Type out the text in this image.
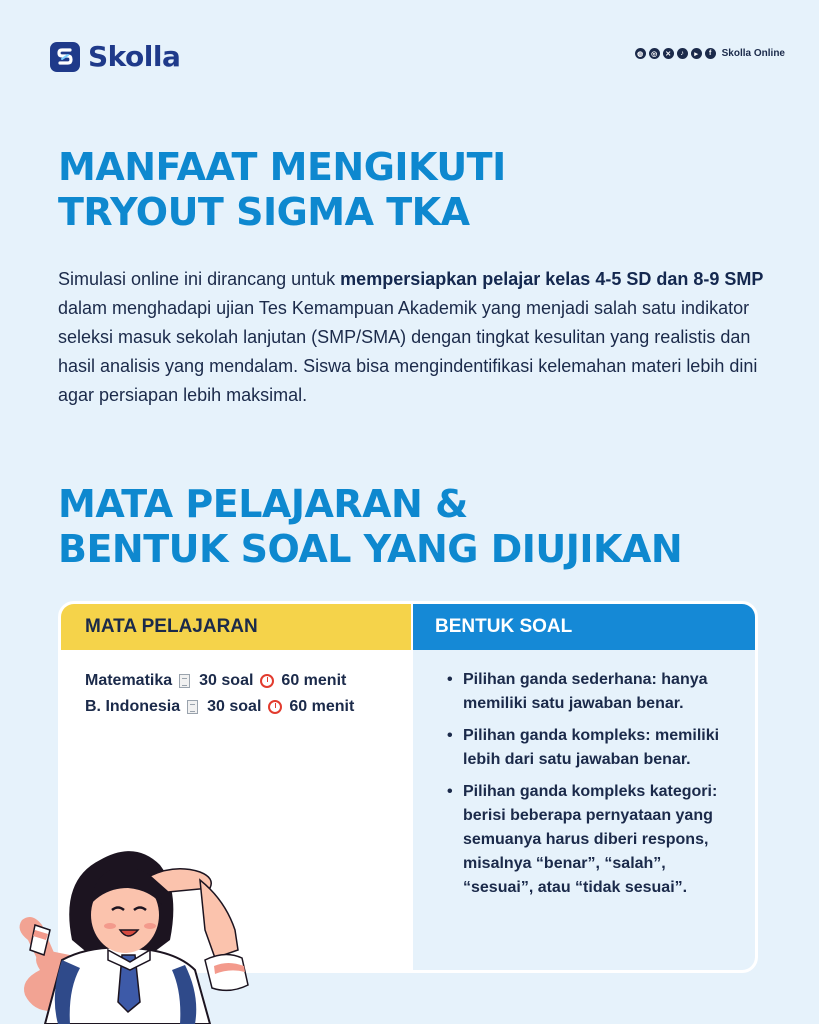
Skolla	◍	◎	✕	♪	▸	f	Skolla Online
MANFAAT MENGIKUTI
TRYOUT SIGMA TKA

Simulasi online ini dirancang untuk mempersiapkan pelajar kelas 4-5 SD dan 8-9 SMP dalam menghadapi ujian Tes Kemampuan Akademik yang menjadi salah satu indikator seleksi masuk sekolah lanjutan (SMP/SMA) dengan tingkat kesulitan yang realistis dan hasil analisis yang mendalam. Siswa bisa mengindentifikasi kelemahan materi lebih dini agar persiapan lebih maksimal.

MATA PELAJARAN &
BENTUK SOAL YANG DIUJIKAN
MATA PELAJARAN
Matematika 30 soal 60 menit
B. Indonesia 30 soal 60 menit
BENTUK SOAL
• Pilihan ganda sederhana: hanya memiliki satu jawaban benar.
• Pilihan ganda kompleks: memiliki lebih dari satu jawaban benar.
• Pilihan ganda kompleks kategori: berisi beberapa pernyataan yang semuanya harus diberi respons, misalnya “benar”, “salah”, “sesuai”, atau “tidak sesuai”.
